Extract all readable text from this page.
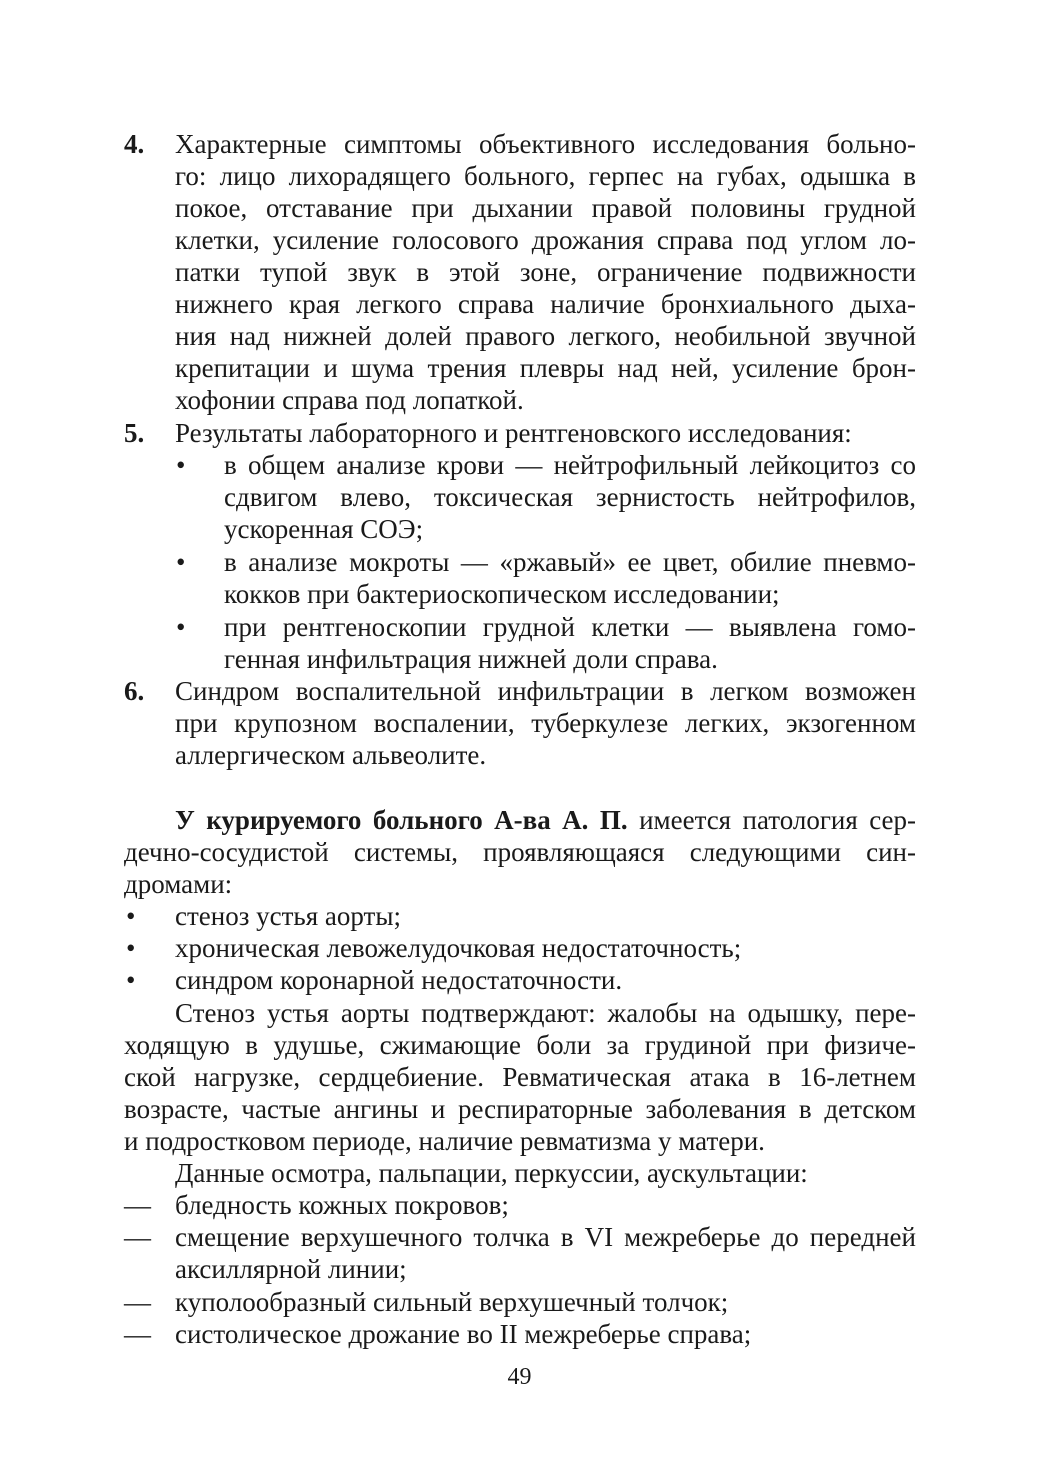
4. Характерные симптомы объективного исследования больно-
го: лицо лихорадящего больного, герпес на губах, одышка в
покое, отставание при дыхании правой половины грудной
клетки, усиление голосового дрожания справа под углом ло-
патки тупой звук в этой зоне, ограничение подвижности
нижнего края легкого справа наличие бронхиального дыха-
ния над нижней долей правого легкого, необильной звучной
крепитации и шума трения плевры над ней, усиление брон-
хофонии справа под лопаткой.
5. Результаты лабораторного и рентгеновского исследования:
• в общем анализе крови — нейтрофильный лейкоцитоз со
сдвигом влево, токсическая зернистость нейтрофилов,
ускоренная СОЭ;
• в анализе мокроты — «ржавый» ее цвет, обилие пневмо-
кокков при бактериоскопическом исследовании;
• при рентгеноскопии грудной клетки — выявлена гомо-
генная инфильтрация нижней доли справа.
6. Синдром воспалительной инфильтрации в легком возможен
при крупозном воспалении, туберкулезе легких, экзогенном
аллергическом альвеолите.
У курируемого больного А-ва А. П. имеется патология сер-
дечно-сосудистой системы, проявляющаяся следующими син-
дромами:
• стеноз устья аорты;
• хроническая левожелудочковая недостаточность;
• синдром коронарной недостаточности.
Стеноз устья аорты подтверждают: жалобы на одышку, пере-
ходящую в удушье, сжимающие боли за грудиной при физиче-
ской нагрузке, сердцебиение. Ревматическая атака в 16-летнем
возрасте, частые ангины и респираторные заболевания в детском
и подростковом периоде, наличие ревматизма у матери.
Данные осмотра, пальпации, перкуссии, аускультации:
— бледность кожных покровов;
— смещение верхушечного толчка в VI межреберье до передней
аксиллярной линии;
— куполообразный сильный верхушечный толчок;
— систолическое дрожание во II межреберье справа;
49
